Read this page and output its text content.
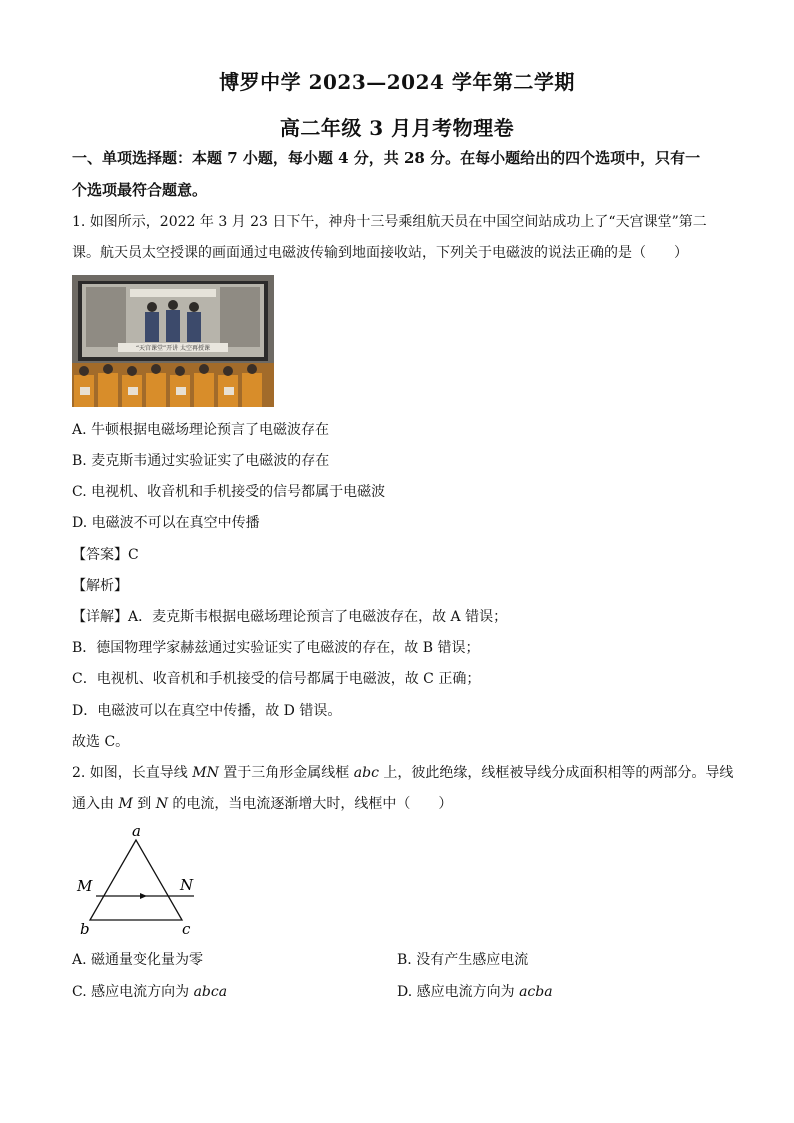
博罗中学 2023—2024 学年第二学期
高二年级 3 月月考物理卷
一、单项选择题：本题 7 小题，每小题 4 分，共 28 分。在每小题给出的四个选项中，只有一
个选项最符合题意。
1. 如图所示，2022 年 3 月 23 日下午，神舟十三号乘组航天员在中国空间站成功上了“天宫课堂”第二
课。航天员太空授课的画面通过电磁波传输到地面接收站，下列关于电磁波的说法正确的是（　　）
“天宫课堂”开讲 太空再授课
A. 牛顿根据电磁场理论预言了电磁波存在
B. 麦克斯韦通过实验证实了电磁波的存在
C. 电视机、收音机和手机接受的信号都属于电磁波
D. 电磁波不可以在真空中传播
【答案】C
【解析】
【详解】A．麦克斯韦根据电磁场理论预言了电磁波存在，故 A 错误；
B．德国物理学家赫兹通过实验证实了电磁波的存在，故 B 错误；
C．电视机、收音机和手机接受的信号都属于电磁波，故 C 正确；
D．电磁波可以在真空中传播，故 D 错误。
故选 C。
2. 如图，长直导线 MN 置于三角形金属线框 abc 上，彼此绝缘，线框被导线分成面积相等的两部分。导线
通入由 M 到 N 的电流，当电流逐渐增大时，线框中（　　）
a
M	N
b	c
A. 磁通量变化量为零	B. 没有产生感应电流
C. 感应电流方向为 abca	D. 感应电流方向为 acba
